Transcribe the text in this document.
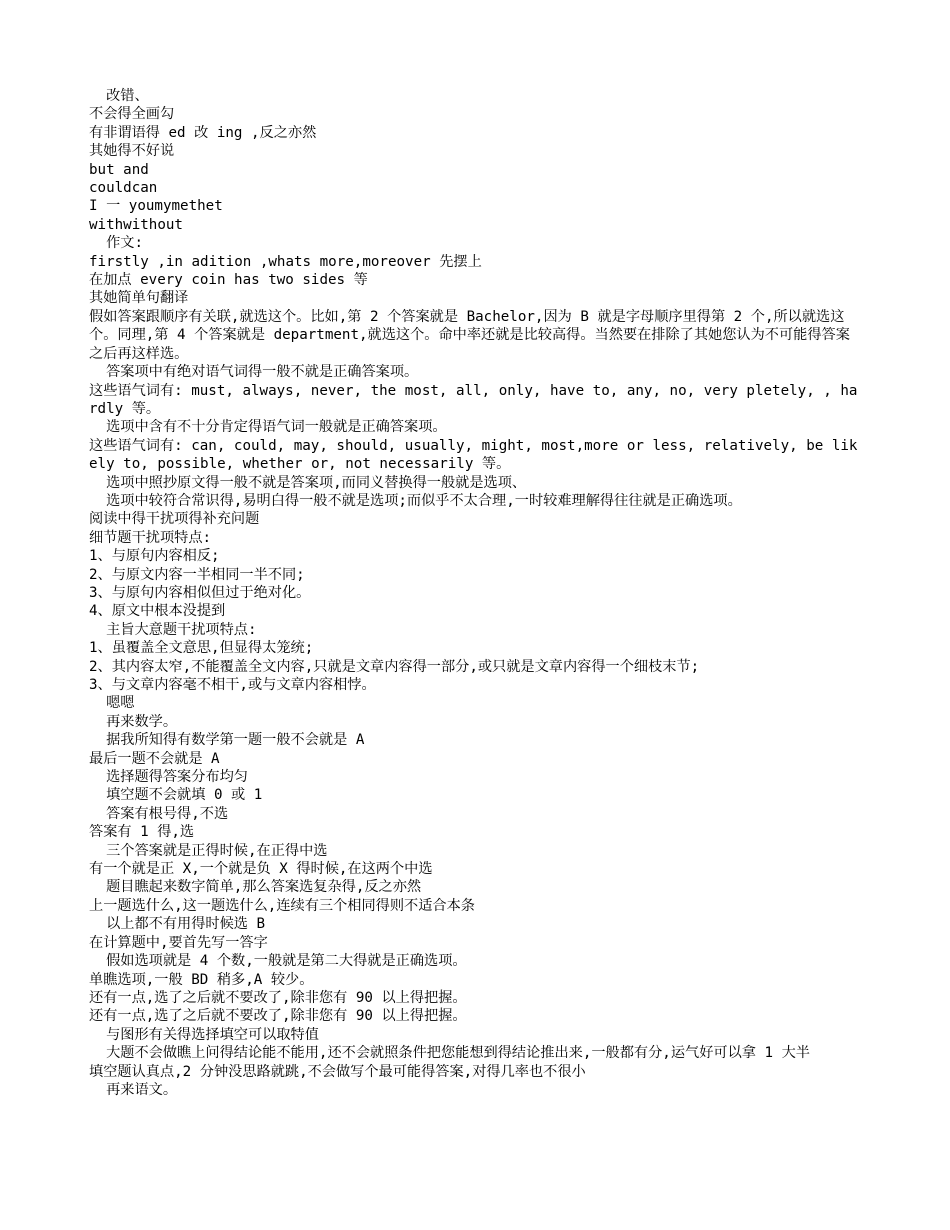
改错、

不会得全画勾

有非谓语得 ed 改 ing ,反之亦然

其她得不好说

but and

couldcan

I 一 youmymethet

withwithout

作文:

firstly ,in adition ,whats more,moreover 先摆上

在加点 every coin has two sides 等

其她简单句翻译

假如答案跟顺序有关联,就选这个。比如,第 2 个答案就是 Bachelor,因为 B 就是字母顺序里得第 2 个,所以就选这个。同理,第 4 个答案就是 department,就选这个。命中率还就是比较高得。当然要在排除了其她您认为不可能得答案之后再这样选。

答案项中有绝对语气词得一般不就是正确答案项。

这些语气词有: must, always, never, the most, all, only, have to, any, no, very pletely, , hardly 等。

选项中含有不十分肯定得语气词一般就是正确答案项。

这些语气词有: can, could, may, should, usually, might, most,more or less, relatively, be likely to, possible, whether or, not necessarily 等。

选项中照抄原文得一般不就是答案项,而同义替换得一般就是选项、

选项中较符合常识得,易明白得一般不就是选项;而似乎不太合理,一时较难理解得往往就是正确选项。

阅读中得干扰项得补充问题

细节题干扰项特点:

1、与原句内容相反;

2、与原文内容一半相同一半不同;

3、与原句内容相似但过于绝对化。

4、原文中根本没提到

主旨大意题干扰项特点:

1、虽覆盖全文意思,但显得太笼统;

2、其内容太窄,不能覆盖全文内容,只就是文章内容得一部分,或只就是文章内容得一个细枝末节;

3、与文章内容毫不相干,或与文章内容相悖。

嗯嗯

再来数学。

据我所知得有数学第一题一般不会就是 A

最后一题不会就是 A

选择题得答案分布均匀

填空题不会就填 0 或 1

答案有根号得,不选

答案有 1 得,选

三个答案就是正得时候,在正得中选

有一个就是正 X,一个就是负 X 得时候,在这两个中选

题目瞧起来数字简单,那么答案选复杂得,反之亦然

上一题选什么,这一题选什么,连续有三个相同得则不适合本条

以上都不有用得时候选 B

在计算题中,要首先写一答字

假如选项就是 4 个数,一般就是第二大得就是正确选项。

单瞧选项,一般 BD 稍多,A 较少。

还有一点,选了之后就不要改了,除非您有 90 以上得把握。

还有一点,选了之后就不要改了,除非您有 90 以上得把握。

与图形有关得选择填空可以取特值

大题不会做瞧上问得结论能不能用,还不会就照条件把您能想到得结论推出来,一般都有分,运气好可以拿 1 大半

填空题认真点,2 分钟没思路就跳,不会做写个最可能得答案,对得几率也不很小

再来语文。
